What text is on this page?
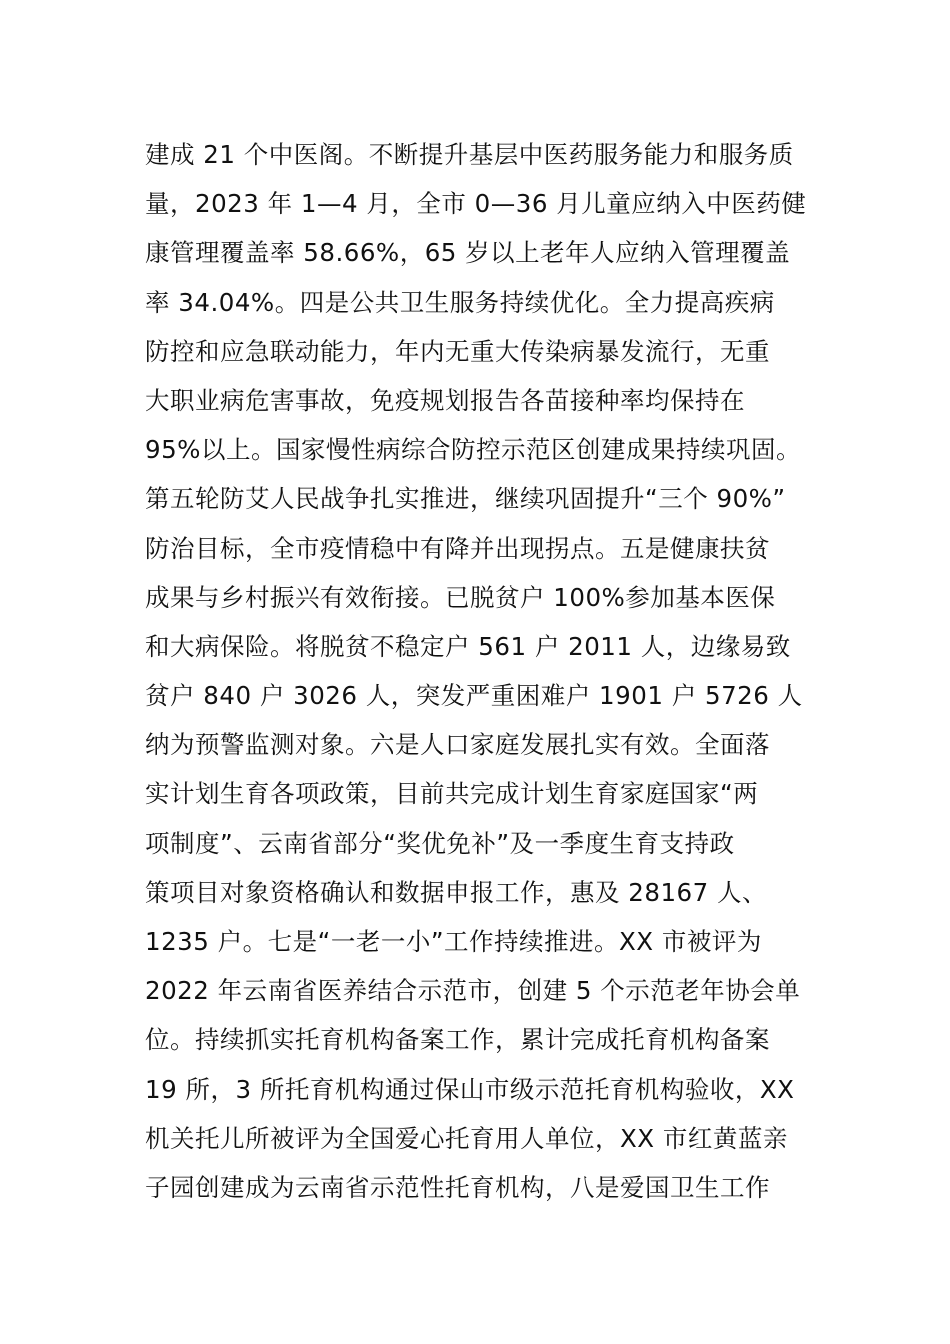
建成 21 个中医阁。不断提升基层中医药服务能力和服务质
量，2023 年 1—4 月，全市 0—36 月儿童应纳入中医药健
康管理覆盖率 58.66%，65 岁以上老年人应纳入管理覆盖
率 34.04%。四是公共卫生服务持续优化。全力提高疾病
防控和应急联动能力，年内无重大传染病暴发流行，无重
大职业病危害事故，免疫规划报告各苗接种率均保持在
95%以上。国家慢性病综合防控示范区创建成果持续巩固。
第五轮防艾人民战争扎实推进，继续巩固提升“三个 90%”
防治目标，全市疫情稳中有降并出现拐点。五是健康扶贫
成果与乡村振兴有效衔接。已脱贫户 100%参加基本医保
和大病保险。将脱贫不稳定户 561 户 2011 人，边缘易致
贫户 840 户 3026 人，突发严重困难户 1901 户 5726 人
纳为预警监测对象。六是人口家庭发展扎实有效。全面落
实计划生育各项政策，目前共完成计划生育家庭国家“两
项制度”、云南省部分“奖优免补”及一季度生育支持政
策项目对象资格确认和数据申报工作，惠及 28167 人、
1235 户。七是“一老一小”工作持续推进。XX 市被评为
2022 年云南省医养结合示范市，创建 5 个示范老年协会单
位。持续抓实托育机构备案工作，累计完成托育机构备案
19 所，3 所托育机构通过保山市级示范托育机构验收，XX
机关托儿所被评为全国爱心托育用人单位，XX 市红黄蓝亲
子园创建成为云南省示范性托育机构，八是爱国卫生工作
